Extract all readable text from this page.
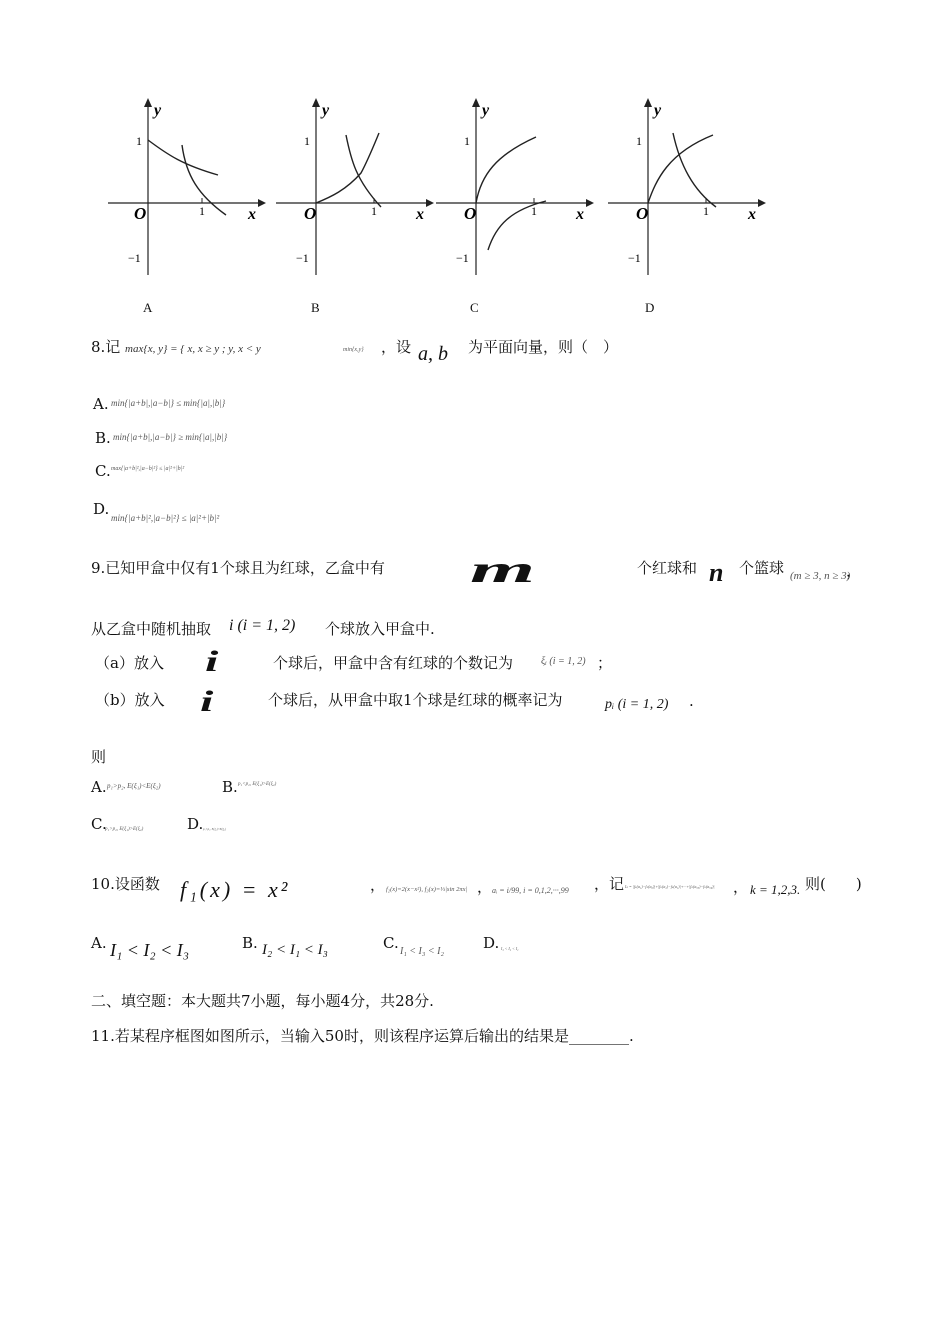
y
x
O
1
1
−1
y
x
O
1
1
−1
y
x
O
1
1
−1
y
x
O
1
1
−1
A	B	C	D
8.记 max{x, y} = { x, x ≥ y ; y, x < y	min{x,y} ，设 a, b 为平面向量，则（　）
A. min{|a+b|,|a−b|} ≤ min{|a|,|b|}
B. min{|a+b|,|a−b|} ≥ min{|a|,|b|}
C. max{|a+b|²,|a−b|²} ≤ |a|²+|b|²
D. min{|a+b|²,|a−b|²} ≤ |a|²+|b|²
9.已知甲盒中仅有1个球且为红球，乙盒中有 m	个红球和 n 个篮球 (m ≥ 3, n ≥ 3)
，
从乙盒中随机抽取 i (i = 1, 2) 个球放入甲盒中.
（a）放入 i	个球后，甲盒中含有红球的个数记为	ξᵢ (i = 1, 2) ；
（b）放入 i	个球后，从甲盒中取1个球是红球的概率记为	pᵢ (i = 1, 2) .
则
A. p₁>p₂, E(ξ₁)<E(ξ₂)	B. p₁<p₂, E(ξ₁)>E(ξ₂)
C.
p₁>p₂, E(ξ₁)>E(ξ₂)	D. p₁<p₂, E(ξ₁)<E(ξ₂)
10.设函数 f₁(x) = x²	， f₂(x)=2(x−x²), f₃(x)=⅓|sin 2πx| ， aᵢ = i/99, i = 0,1,2,···,99 ，记 Iₖ = |fₖ(a₁)−fₖ(a₀)|+|fₖ(a₂)−fₖ(a₁)|+···+|fₖ(a₉₉)−fₖ(a₉₈)| ， k = 1,2,3. 则(　　)
A. I₁ < I₂ < I₃	B. I₂ < I₁ < I₃	C. I₁ < I₃ < I₂	D. I₃ < I₂ < I₁
二、填空题：本大题共7小题，每小题4分，共28分.
11.若某程序框图如图所示，当输入50时，则该程序运算后输出的结果是________.
